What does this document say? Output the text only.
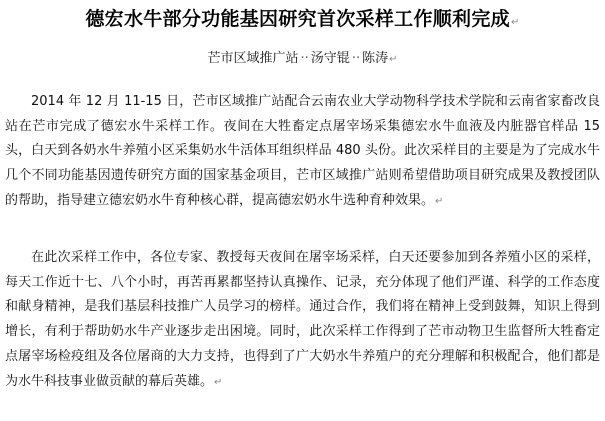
德宏水牛部分功能基因研究首次采样工作顺利完成↵
芒市区域推广站 ·· 汤守锟 ·· 陈涛↵

2014 年 12 月 11-15 日，芒市区域推广站配合云南农业大学动物科学技术学院和云南省家畜改良站在芒市完成了德宏水牛采样工作。夜间在大牲畜定点屠宰场采集德宏水牛血液及内脏器官样品 15 头，白天到各奶水牛养殖小区采集奶水牛活体耳组织样品 480 头份。此次采样目的主要是为了完成水牛几个不同功能基因遗传研究方面的国家基金项目，芒市区域推广站则希望借助项目研究成果及教授团队的帮助，指导建立德宏奶水牛育种核心群，提高德宏奶水牛选种育种效果。↵

在此次采样工作中，各位专家、教授每天夜间在屠宰场采样，白天还要参加到各养殖小区的采样，每天工作近十七、八个小时，再苦再累都坚持认真操作、记录，充分体现了他们严谨、科学的工作态度和献身精神，是我们基层科技推广人员学习的榜样。通过合作，我们将在精神上受到鼓舞，知识上得到增长，有利于帮助奶水牛产业逐步走出困境。同时，此次采样工作得到了芒市动物卫生监督所大牲畜定点屠宰场检疫组及各位屠商的大力支持，也得到了广大奶水牛养殖户的充分理解和积极配合，他们都是为水牛科技事业做贡献的幕后英雄。↵
